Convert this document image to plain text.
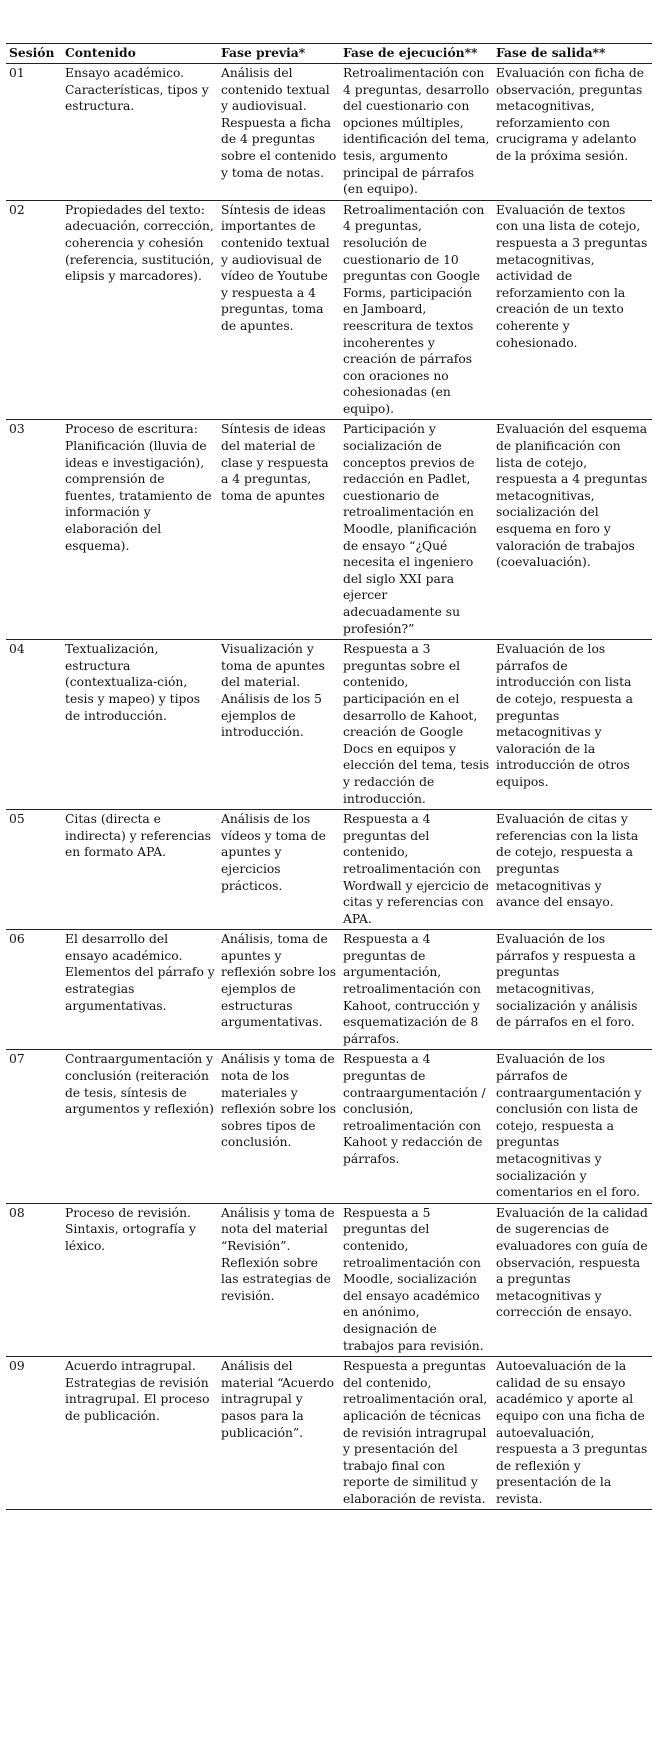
Sesión	Contenido	Fase previa*	Fase de ejecución**	Fase de salida**
01	Ensayo académico. Características, tipos y estructura.	Análisis del contenido textual y audiovisual. Respuesta a ficha de 4 preguntas sobre el contenido y toma de notas.	Retroalimentación con 4 preguntas, desarrollo del cuestionario con opciones múltiples, identificación del tema, tesis, argumento principal de párrafos (en equipo).	Evaluación con ficha de observación, preguntas metacognitivas, reforzamiento con crucigrama y adelanto de la próxima sesión.
02	Propiedades del texto: adecuación, corrección, coherencia y cohesión (referencia, sustitución, elipsis y marcadores).	Síntesis de ideas importantes de contenido textual y audiovisual de vídeo de Youtube y respuesta a 4 preguntas, toma de apuntes.	Retroalimentación con 4 preguntas, resolución de cuestionario de 10 preguntas con Google Forms, participación en Jamboard, reescritura de textos incoherentes y creación de párrafos con oraciones no cohesionadas (en equipo).	Evaluación de textos con una lista de cotejo, respuesta a 3 preguntas metacognitivas, actividad de reforzamiento con la creación de un texto coherente y cohesionado.
03	Proceso de escritura: Planificación (lluvia de ideas e investigación), comprensión de fuentes, tratamiento de información y elaboración del esquema).	Síntesis de ideas del material de clase y respuesta a 4 preguntas, toma de apuntes	Participación y socialización de conceptos previos de redacción en Padlet, cuestionario de retroalimentación en Moodle, planificación de ensayo “¿Qué necesita el ingeniero del siglo XXI para ejercer adecuadamente su profesión?”	Evaluación del esquema de planificación con lista de cotejo, respuesta a 4 preguntas metacognitivas, socialización del esquema en foro y valoración de trabajos (coevaluación).
04	Textualización, estructura (contextualiza-ción, tesis y mapeo) y tipos de introducción.	Visualización y toma de apuntes del material. Análisis de los 5 ejemplos de introducción.	Respuesta a 3 preguntas sobre el contenido, participación en el desarrollo de Kahoot, creación de Google Docs en equipos y elección del tema, tesis y redacción de introducción.	Evaluación de los párrafos de introducción con lista de cotejo, respuesta a preguntas metacognitivas y valoración de la introducción de otros equipos.
05	Citas (directa e indirecta) y referencias en formato APA.	Análisis de los vídeos y toma de apuntes y ejercicios prácticos.	Respuesta a 4 preguntas del contenido, retroalimentación con Wordwall y ejercicio de citas y referencias con APA.	Evaluación de citas y referencias con la lista de cotejo, respuesta a preguntas metacognitivas y avance del ensayo.
06	El desarrollo del ensayo académico. Elementos del párrafo y estrategias argumentativas.	Análisis, toma de apuntes y reflexión sobre los ejemplos de estructuras argumentativas.	Respuesta a 4 preguntas de argumentación, retroalimentación con Kahoot, contrucción y esquematización de 8 párrafos.	Evaluación de los párrafos y respuesta a preguntas metacognitivas, socialización y análisis de párrafos en el foro.
07	Contraargumentación y conclusión (reiteración de tesis, síntesis de argumentos y reflexión)	Análisis y toma de nota de los materiales y reflexión sobre los sobres tipos de conclusión.	Respuesta a 4 preguntas de contraargumentación / conclusión, retroalimentación con Kahoot y redacción de párrafos.	Evaluación de los párrafos de contraargumentación y conclusión con lista de cotejo, respuesta a preguntas metacognitivas y socialización y comentarios en el foro.
08	Proceso de revisión. Sintaxis, ortografía y léxico.	Análisis y toma de nota del material “Revisión”. Reflexión sobre las estrategias de revisión.	Respuesta a 5 preguntas del contenido, retroalimentación con Moodle, socialización del ensayo académico en anónimo, designación de trabajos para revisión.	Evaluación de la calidad de sugerencias de evaluadores con guía de observación, respuesta a preguntas metacognitivas y corrección de ensayo.
09	Acuerdo intragrupal. Estrategias de revisión intragrupal. El proceso de publicación.	Análisis del material “Acuerdo intragrupal y pasos para la publicación”.	Respuesta a preguntas del contenido, retroalimentación oral, aplicación de técnicas de revisión intragrupal y presentación del trabajo final con reporte de similitud y elaboración de revista.	Autoevaluación de la calidad de su ensayo académico y aporte al equipo con una ficha de autoevaluación, respuesta a 3 preguntas de reflexión y presentación de la revista.
